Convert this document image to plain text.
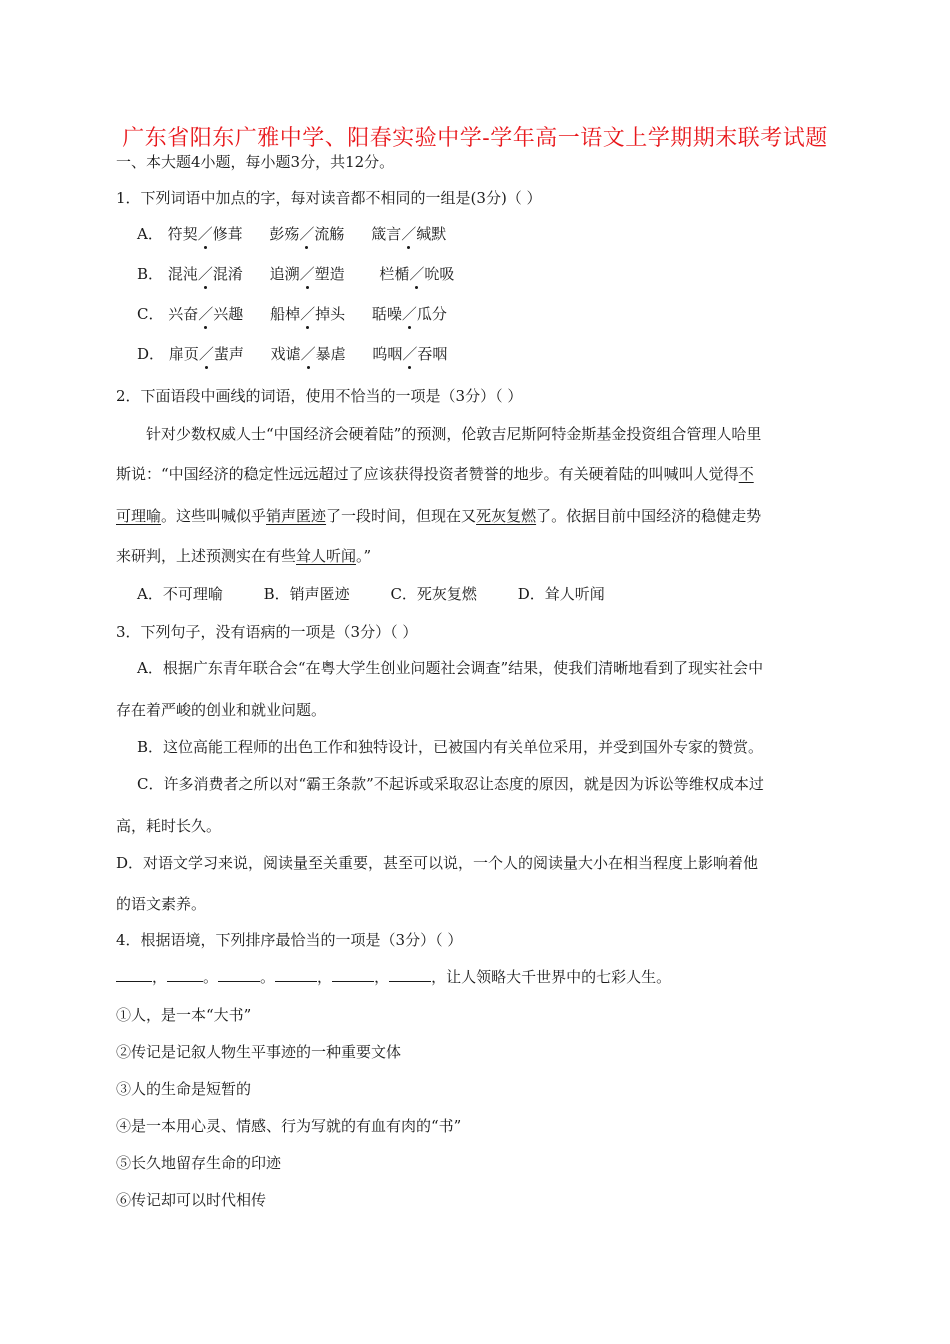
广东省阳东广雅中学、阳春实验中学-学年高一语文上学期期末联考试题
一、本大题4小题，每小题3分，共12分。
1．下列词语中加点的字，每对读音都不相同的一组是(3分)（ ）
A． 符契／修葺 彭殇／流觞 箴言／缄默
B． 混沌／混淆 追溯／塑造 栏楯／吮吸
C． 兴奋／兴趣 船棹／掉头 聒噪／瓜分
D． 扉页／蜚声 戏谑／暴虐 呜咽／吞咽
2．下面语段中画线的词语，使用不恰当的一项是（3分）（ ）
针对少数权威人士“中国经济会硬着陆”的预测，伦敦吉尼斯阿特金斯基金投资组合管理人哈里
斯说：“中国经济的稳定性远远超过了应该获得投资者赞誉的地步。有关硬着陆的叫喊叫人觉得不
可理喻。这些叫喊似乎销声匿迹了一段时间，但现在又死灰复燃了。依据目前中国经济的稳健走势
来研判，上述预测实在有些耸人听闻。”
A．不可理喻	B．销声匿迹	C．死灰复燃	D．耸人听闻
3．下列句子，没有语病的一项是（3分）（ ）
A．根据广东青年联合会“在粤大学生创业问题社会调查”结果，使我们清晰地看到了现实社会中
存在着严峻的创业和就业问题。
B．这位高能工程师的出色工作和独特设计，已被国内有关单位采用，并受到国外专家的赞赏。
C．许多消费者之所以对“霸王条款”不起诉或采取忍让态度的原因，就是因为诉讼等维权成本过
高，耗时长久。
D．对语文学习来说，阅读量至关重要，甚至可以说，一个人的阅读量大小在相当程度上影响着他
的语文素养。
4．根据语境，下列排序最恰当的一项是（3分）（ ）
， 。	。	，	，	，让人领略大千世界中的七彩人生。
①人，是一本“大书”
②传记是记叙人物生平事迹的一种重要文体
③人的生命是短暂的
④是一本用心灵、情感、行为写就的有血有肉的“书”
⑤长久地留存生命的印迹
⑥传记却可以时代相传
